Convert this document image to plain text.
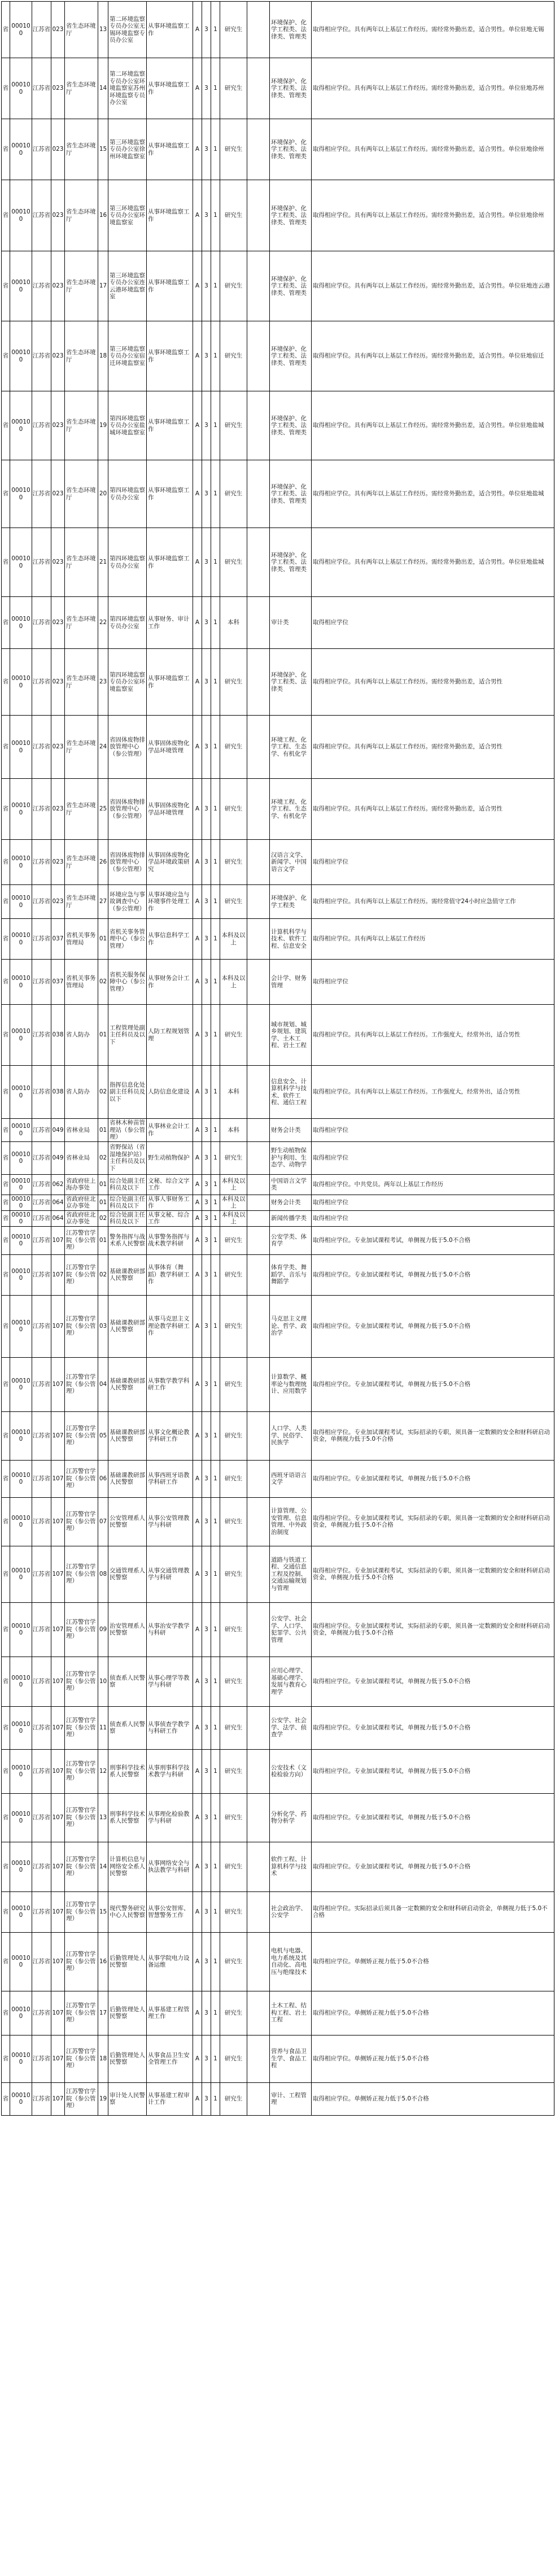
省	000100	江苏省	023	省生态环境厅	13	第二环境监察专员办公室无锡环境监察专员办公室	从事环境监察工作	A	3	1	研究生		环境保护、化学工程类、法律类、管理类	取得相应学位。具有两年以上基层工作经历。需经常外勤出差，适合男性。单位驻地无锡
省	000100	江苏省	023	省生态环境厅	14	第二环境监察专员办公室环境监察室苏州环境监察专员办公室	从事环境监察工作	A	3	1	研究生		环境保护、化学工程类、法律类、管理类	取得相应学位。具有两年以上基层工作经历。需经常外勤出差，适合男性。单位驻地苏州
省	000100	江苏省	023	省生态环境厅	15	第三环境监察专员办公室徐州环境监察室	从事环境监察工作	A	3	1	研究生		环境保护、化学工程类、法律类、管理类	取得相应学位。具有两年以上基层工作经历。需经常外勤出差，适合男性。单位驻地徐州
省	000100	江苏省	023	省生态环境厅	16	第三环境监察专员办公室环境监察室	从事环境监察工作	A	3	1	研究生		环境保护、化学工程类、法律类、管理类	取得相应学位。具有两年以上基层工作经历。需经常外勤出差，适合男性。单位驻地徐州
省	000100	江苏省	023	省生态环境厅	17	第三环境监察专员办公室连云港环境监察室	从事环境监察工作	A	3	1	研究生		环境保护、化学工程类、法律类、管理类	取得相应学位。具有两年以上基层工作经历。需经常外勤出差，适合男性。单位驻地连云港
省	000100	江苏省	023	省生态环境厅	18	第三环境监察专员办公室宿迁环境监察室	从事环境监察工作	A	3	1	研究生		环境保护、化学工程类、法律类、管理类	取得相应学位。具有两年以上基层工作经历。需经常外勤出差，适合男性。单位驻地宿迁
省	000100	江苏省	023	省生态环境厅	19	第四环境监察专员办公室盐城环境监察室	从事环境监察工作	A	3	1	研究生		环境保护、化学工程类、法律类、管理类	取得相应学位。具有两年以上基层工作经历。需经常外勤出差，适合男性。单位驻地盐城
省	000100	江苏省	023	省生态环境厅	20	第四环境监察专员办公室	从事环境监察工作	A	3	1	研究生		环境保护、化学工程类、法律类、管理类	取得相应学位。具有两年以上基层工作经历。需经常外勤出差，适合男性。单位驻地盐城
省	000100	江苏省	023	省生态环境厅	21	第四环境监察专员办公室	从事环境监察工作	A	3	1	研究生		环境保护、化学工程类、法律类、管理类	取得相应学位。具有两年以上基层工作经历。需经常外勤出差，适合男性。单位驻地盐城
省	000100	江苏省	023	省生态环境厅	22	第四环境监察专员办公室	从事财务、审计工作	A	3	1	本科		审计类	取得相应学位
省	000100	江苏省	023	省生态环境厅	23	第四环境监察专员办公室环境监察室	从事环境监察工作	A	3	1	研究生		环境保护、化学工程类、法律类	取得相应学位。具有两年以上基层工作经历。需经常外勤出差，适合男性
省	000100	江苏省	023	省生态环境厅	24	省固体废物排放管理中心（参公管理）	从事固体废物化学品环境管理	A	3	1	研究生		环境工程、化学工程、生态学、有机化学	取得相应学位。具有两年以上基层工作经历。需经常外勤出差，适合男性
省	000100	江苏省	023	省生态环境厅	25	省固体废物排放管理中心（参公管理）	从事固体废物化学品环境管理	A	3	1	研究生		环境工程、化学工程、生态学、有机化学	取得相应学位。具有两年以上基层工作经历。需经常外勤出差，适合男性
省	000100	江苏省	023	省生态环境厅	26	省固体废物排放管理中心（参公管理）	从事固体废物化学品环境政策研究	A	3	1	研究生		汉语言文学、新闻学、中国语言文学	取得相应学位
省	000100	江苏省	023	省生态环境厅	27	环境应急与事故调查中心（参公管理）	从事环境应急与环境事件处理工作	A	3	1	研究生		环境保护、化学工程类	取得相应学位。具有两年以上基层工作经历。需经常值守24小时应急值守工作
省	000100	江苏省	037	省机关事务管理局	01	省机关事务管理中心（参公管理）	从事信息科学工作	A	3	1	本科及以上		计算机科学与技术、软件工程、信息安全	取得相应学位。具有两年以上基层工作经历
省	000100	江苏省	037	省机关事务管理局	02	省机关服务保障中心（参公管理）	从事财务会计工作	A	3	1	本科及以上		会计学、财务管理	取得相应学位
省	000100	江苏省	038	省人防办	01	工程管理处副主任科员及以下	人防工程规划管理	A	3	1	研究生		城市规划、城乡规划、建筑学、土木工程、岩土工程	取得相应学位。具有两年以上基层工作经历。工作强度大，经常外出，适合男性
省	000100	江苏省	038	省人防办	02	指挥信息化处副主任科员及以下	人防信息化建设	A	3	1	本科		信息安全、计算机科学与技术、软件工程、通信工程	取得相应学位。具有两年以上基层工作经历。工作强度大，经常外出，适合男性
省	000100	江苏省	049	省林业局	01	省林木种苗管理站（参公管理）	从事林业会计工作	A	3	1	本科		财务会计类	取得相应学位
省	000100	江苏省	049	省林业局	02	省野保站（省湿地保护站）主任科员及以下	野生动植物保护	A	3	1	研究生		野生动植物保护与利用、生态学、动物学	取得相应学位
省	000100	江苏省	062	省政府驻上海办事处	01	综合处副主任科员及以下	文秘、综合文字工作	A	3	1	本科及以上		中国语言文学类	取得相应学位。中共党员。两年以上基层工作经历
省	000100	江苏省	064	省政府驻北京办事处	01	综合处副主任科员及以下	从事人事财务工作	A	3	1	本科及以上		财务会计类	取得相应学位
省	000100	江苏省	064	省政府驻北京办事处	02	综合处副主任科员及以下	从事文秘、综合工作	A	3	1	本科及以上		新闻传播学类	取得相应学位
省	000100	江苏省	107	江苏警官学院（参公管理）	01	警务指挥与战术系人民警察	从事警务指挥与战术教学科研	A	3	1	研究生		公安学类、体育学	取得相应学位。专业加试课程考试，单侧视力低于5.0不合格
省	000100	江苏省	107	江苏警官学院（参公管理）	02	基础课教研部人民警察	从事体育（舞蹈）教学科研工作	A	3	1	研究生		体育学类、舞蹈学、音乐与舞蹈学	取得相应学位。专业加试课程考试，单侧视力低于5.0不合格
省	000100	江苏省	107	江苏警官学院（参公管理）	03	基础课教研部人民警察	从事马克思主义理论教学科研工作	A	3	1	研究生		马克思主义理论、哲学、政治学	取得相应学位。专业加试课程考试，单侧视力低于5.0不合格
省	000100	江苏省	107	江苏警官学院（参公管理）	04	基础课教研部人民警察	从事数学教学科研工作	A	3	1	研究生		计算数学、概率论与数理统计、应用数学	取得相应学位。专业加试课程考试，单侧视力低于5.0不合格
省	000100	江苏省	107	江苏警官学院（参公管理）	05	基础课教研部人民警察	从事文化概论教学科研工作	A	3	1	研究生		人口学、人类学、民俗学、民族学	取得相应学位。专业加试课程考试，实际招录的专职，须具备一定数额的安全和财科研启动资金，单侧视力低于5.0不合格
省	000100	江苏省	107	江苏警官学院（参公管理）	06	基础课教研部人民警察	从事西班牙语教学科研工作	A	3	1	研究生		西班牙语语言文学	取得相应学位。专业加试课程考试，单侧视力低于5.0不合格
省	000100	江苏省	107	江苏警官学院（参公管理）	07	公安管理系人民警察	从事公安管理教学与科研	A	3	1	研究生		计算管理、公安管理、信息管理、中外政治制度	取得相应学位。专业加试课程考试，实际招录的专职，须具备一定数额的安全和财科研启动资金，单侧视力低于5.0不合格
省	000100	江苏省	107	江苏警官学院（参公管理）	08	交通管理系人民警察	从事交通管理教学与科研	A	3	1	研究生		道路与铁道工程、交通信息工程及控制、交通运输规划与管理	取得相应学位。专业加试课程考试，实际招录的专职，须具备一定数额的安全和财科研启动资金，单侧视力低于5.0不合格
省	000100	江苏省	107	江苏警官学院（参公管理）	09	治安管理系人民警察	从事治安学教学与科研	A	3	1	研究生		公安学、社会学、人口学、犯罪学、公共管理	取得相应学位。专业加试课程考试，实际招录的专职，须具备一定数额的安全和财科研启动资金，单侧视力低于5.0不合格
省	000100	江苏省	107	江苏警官学院（参公管理）	10	侦查系人民警察	从事心理学等教学与科研	A	3	1	研究生		应用心理学、基础心理学、发展与教育心理学	取得相应学位。专业加试课程考试，单侧视力低于5.0不合格
省	000100	江苏省	107	江苏警官学院（参公管理）	11	侦查系人民警察	从事侦查学教学与科研工作	A	3	1	研究生		公安学、社会学、法学、侦查学	取得相应学位。专业加试课程考试，单侧视力低于5.0不合格
省	000100	江苏省	107	江苏警官学院（参公管理）	12	刑事科学技术系人民警察	从事刑事科学技术教学与科研	A	3	1	研究生		公安技术（文检检验方向）	取得相应学位。专业加试课程考试，单侧视力低于5.0不合格
省	000100	江苏省	107	江苏警官学院（参公管理）	13	刑事科学技术系人民警察	从事理化检验教学与科研	A	3	1	研究生		分析化学、药物分析学	取得相应学位。专业加试课程考试，单侧视力低于5.0不合格
省	000100	江苏省	107	江苏警官学院（参公管理）	14	计算机信息与网络安全系人民警察	从事网络安全与执法教学与科研	A	3	1	研究生		软件工程、计算机科学与技术	取得相应学位。专业加试课程考试，单侧视力低于5.0不合格
省	000100	江苏省	107	江苏警官学院（参公管理）	15	现代警务研究中心人民警察	从事公安智库、智慧警务工作	A	3	1	研究生		社会政治学、公安学	取得相应学位。实际招录后须具备一定数额的安全和财科研启动资金，单侧视力低于5.0不合格
省	000100	江苏省	107	江苏警官学院（参公管理）	16	后勤管理处人民警察	从事学院电力设备运维	A	3	1	研究生		电机与电器、电力系统及其自动化、高电压与绝缘技术	取得相应学位。单侧矫正视力低于5.0不合格
省	000100	江苏省	107	江苏警官学院（参公管理）	17	后勤管理处人民警察	从事基建工程管理工作	A	3	1	研究生		土木工程、结构工程、岩土工程	取得相应学位。单侧矫正视力低于5.0不合格
省	000100	江苏省	107	江苏警官学院（参公管理）	18	后勤管理处人民警察	从事食品卫生安全管理工作	A	3	1	研究生		营养与食品卫生学、食品工程	取得相应学位。单侧矫正视力低于5.0不合格
省	000100	江苏省	107	江苏警官学院（参公管理）	19	审计处人民警察	从事基建工程审计工作	A	3	1	研究生		审计、工程管理	取得相应学位。单侧矫正视力低于5.0不合格
